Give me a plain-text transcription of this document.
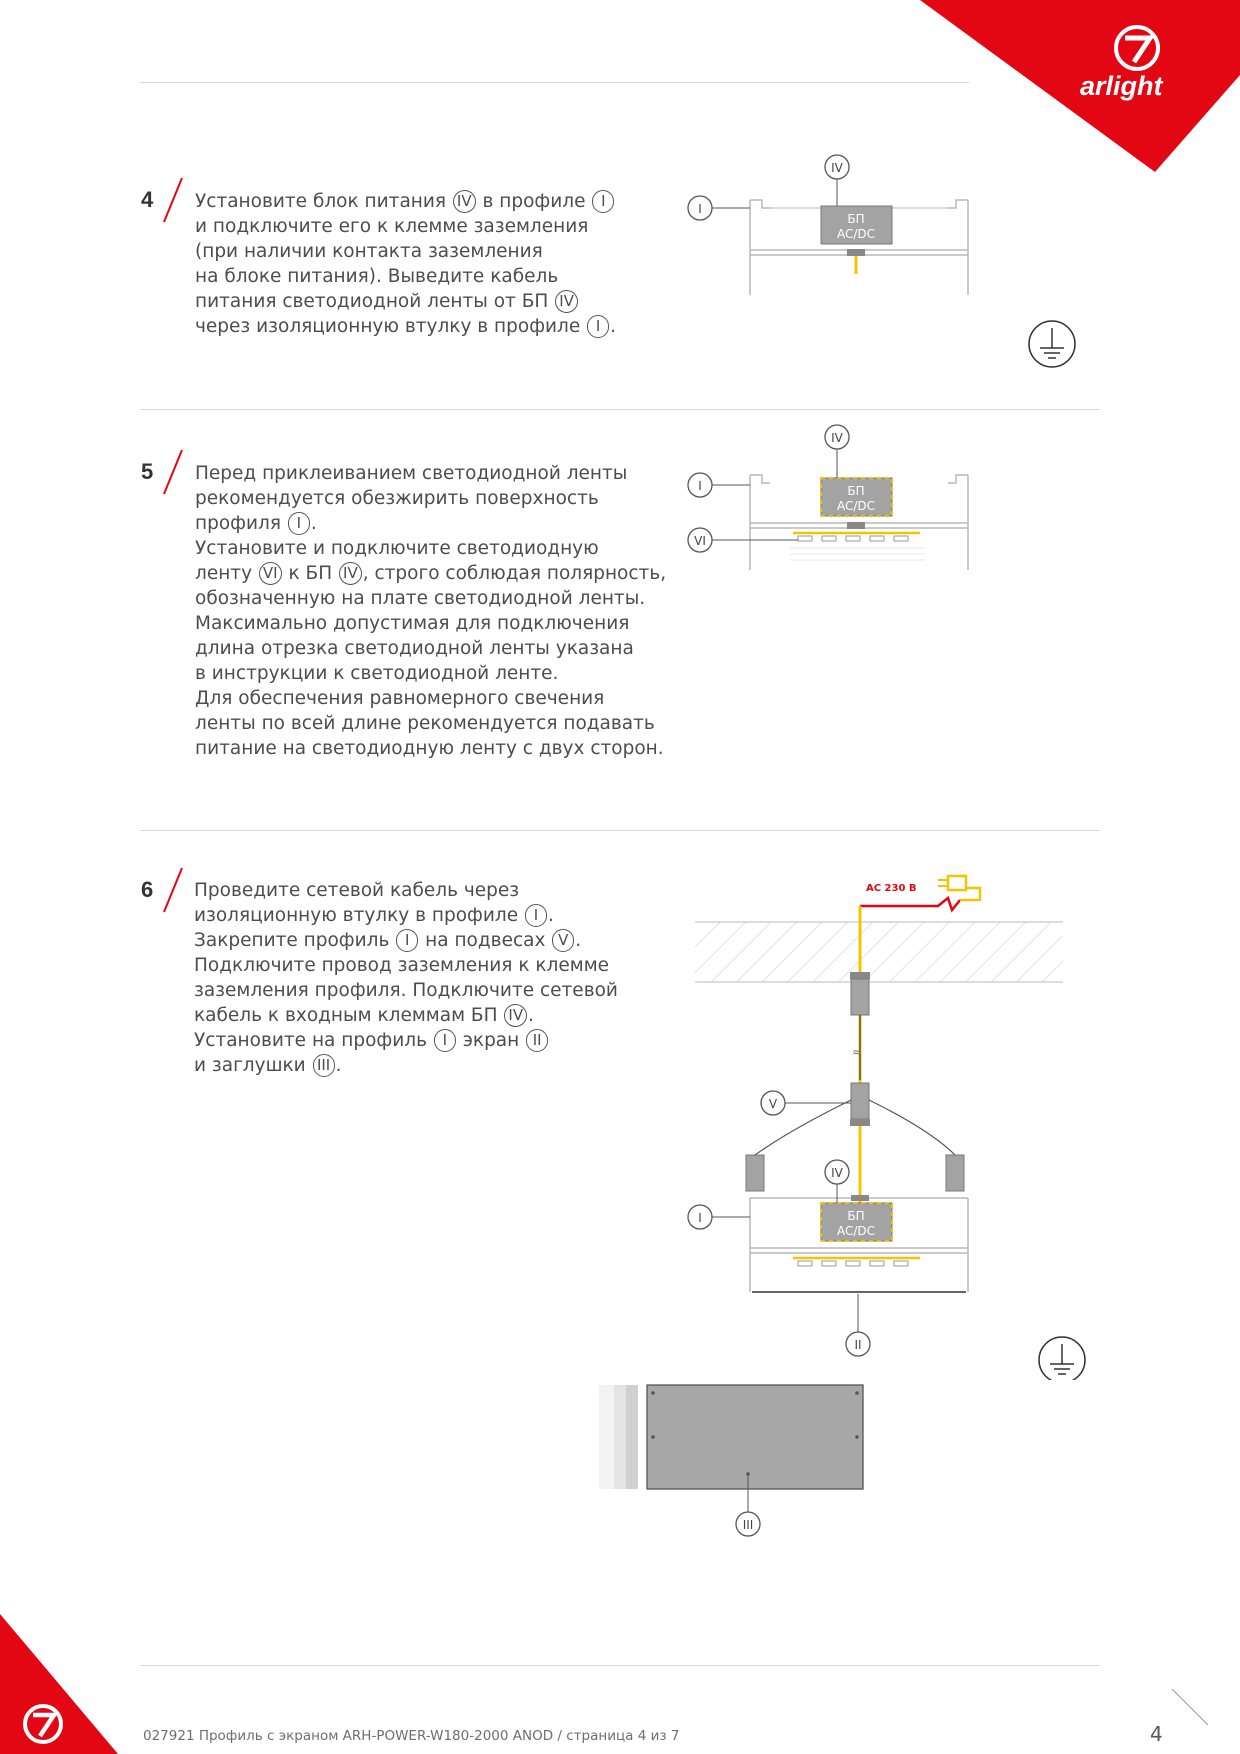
arlight
4 Установите блок питания IV в профиле I
и подключите его к клемме заземления
(при наличии контакта заземления
на блоке питания). Выведите кабель
питания светодиодной ленты от БП IV
через изоляционную втулку в профиле I .
5 Перед приклеиванием светодиодной ленты
рекомендуется обезжирить поверхность
профиля I .
Установите и подключите светодиодную
ленту VI к БП IV , строго соблюдая полярность,
обозначенную на плате светодиодной ленты.
Максимально допустимая для подключения
длина отрезка светодиодной ленты указана
в инструкции к светодиодной ленте.
Для обеспечения равномерного свечения
ленты по всей длине рекомендуется подавать
питание на светодиодную ленту с двух сторон.
6 Проведите сетевой кабель через
изоляционную втулку в профиле I .
Закрепите профиль I на подвесах V .
Подключите провод заземления к клемме
заземления профиля. Подключите сетевой
кабель к входным клеммам БП IV .
Установите на профиль I экран II
и заглушки III .
БП
AC/DC
IV
I
БП
AC/DC
IV
I
VI
AC 230 В
≈
БП
AC/DC
IV
V
I
II
III
027921 Профиль с экраном ARH-POWER-W180-2000 ANOD / страница 4 из 7	4
